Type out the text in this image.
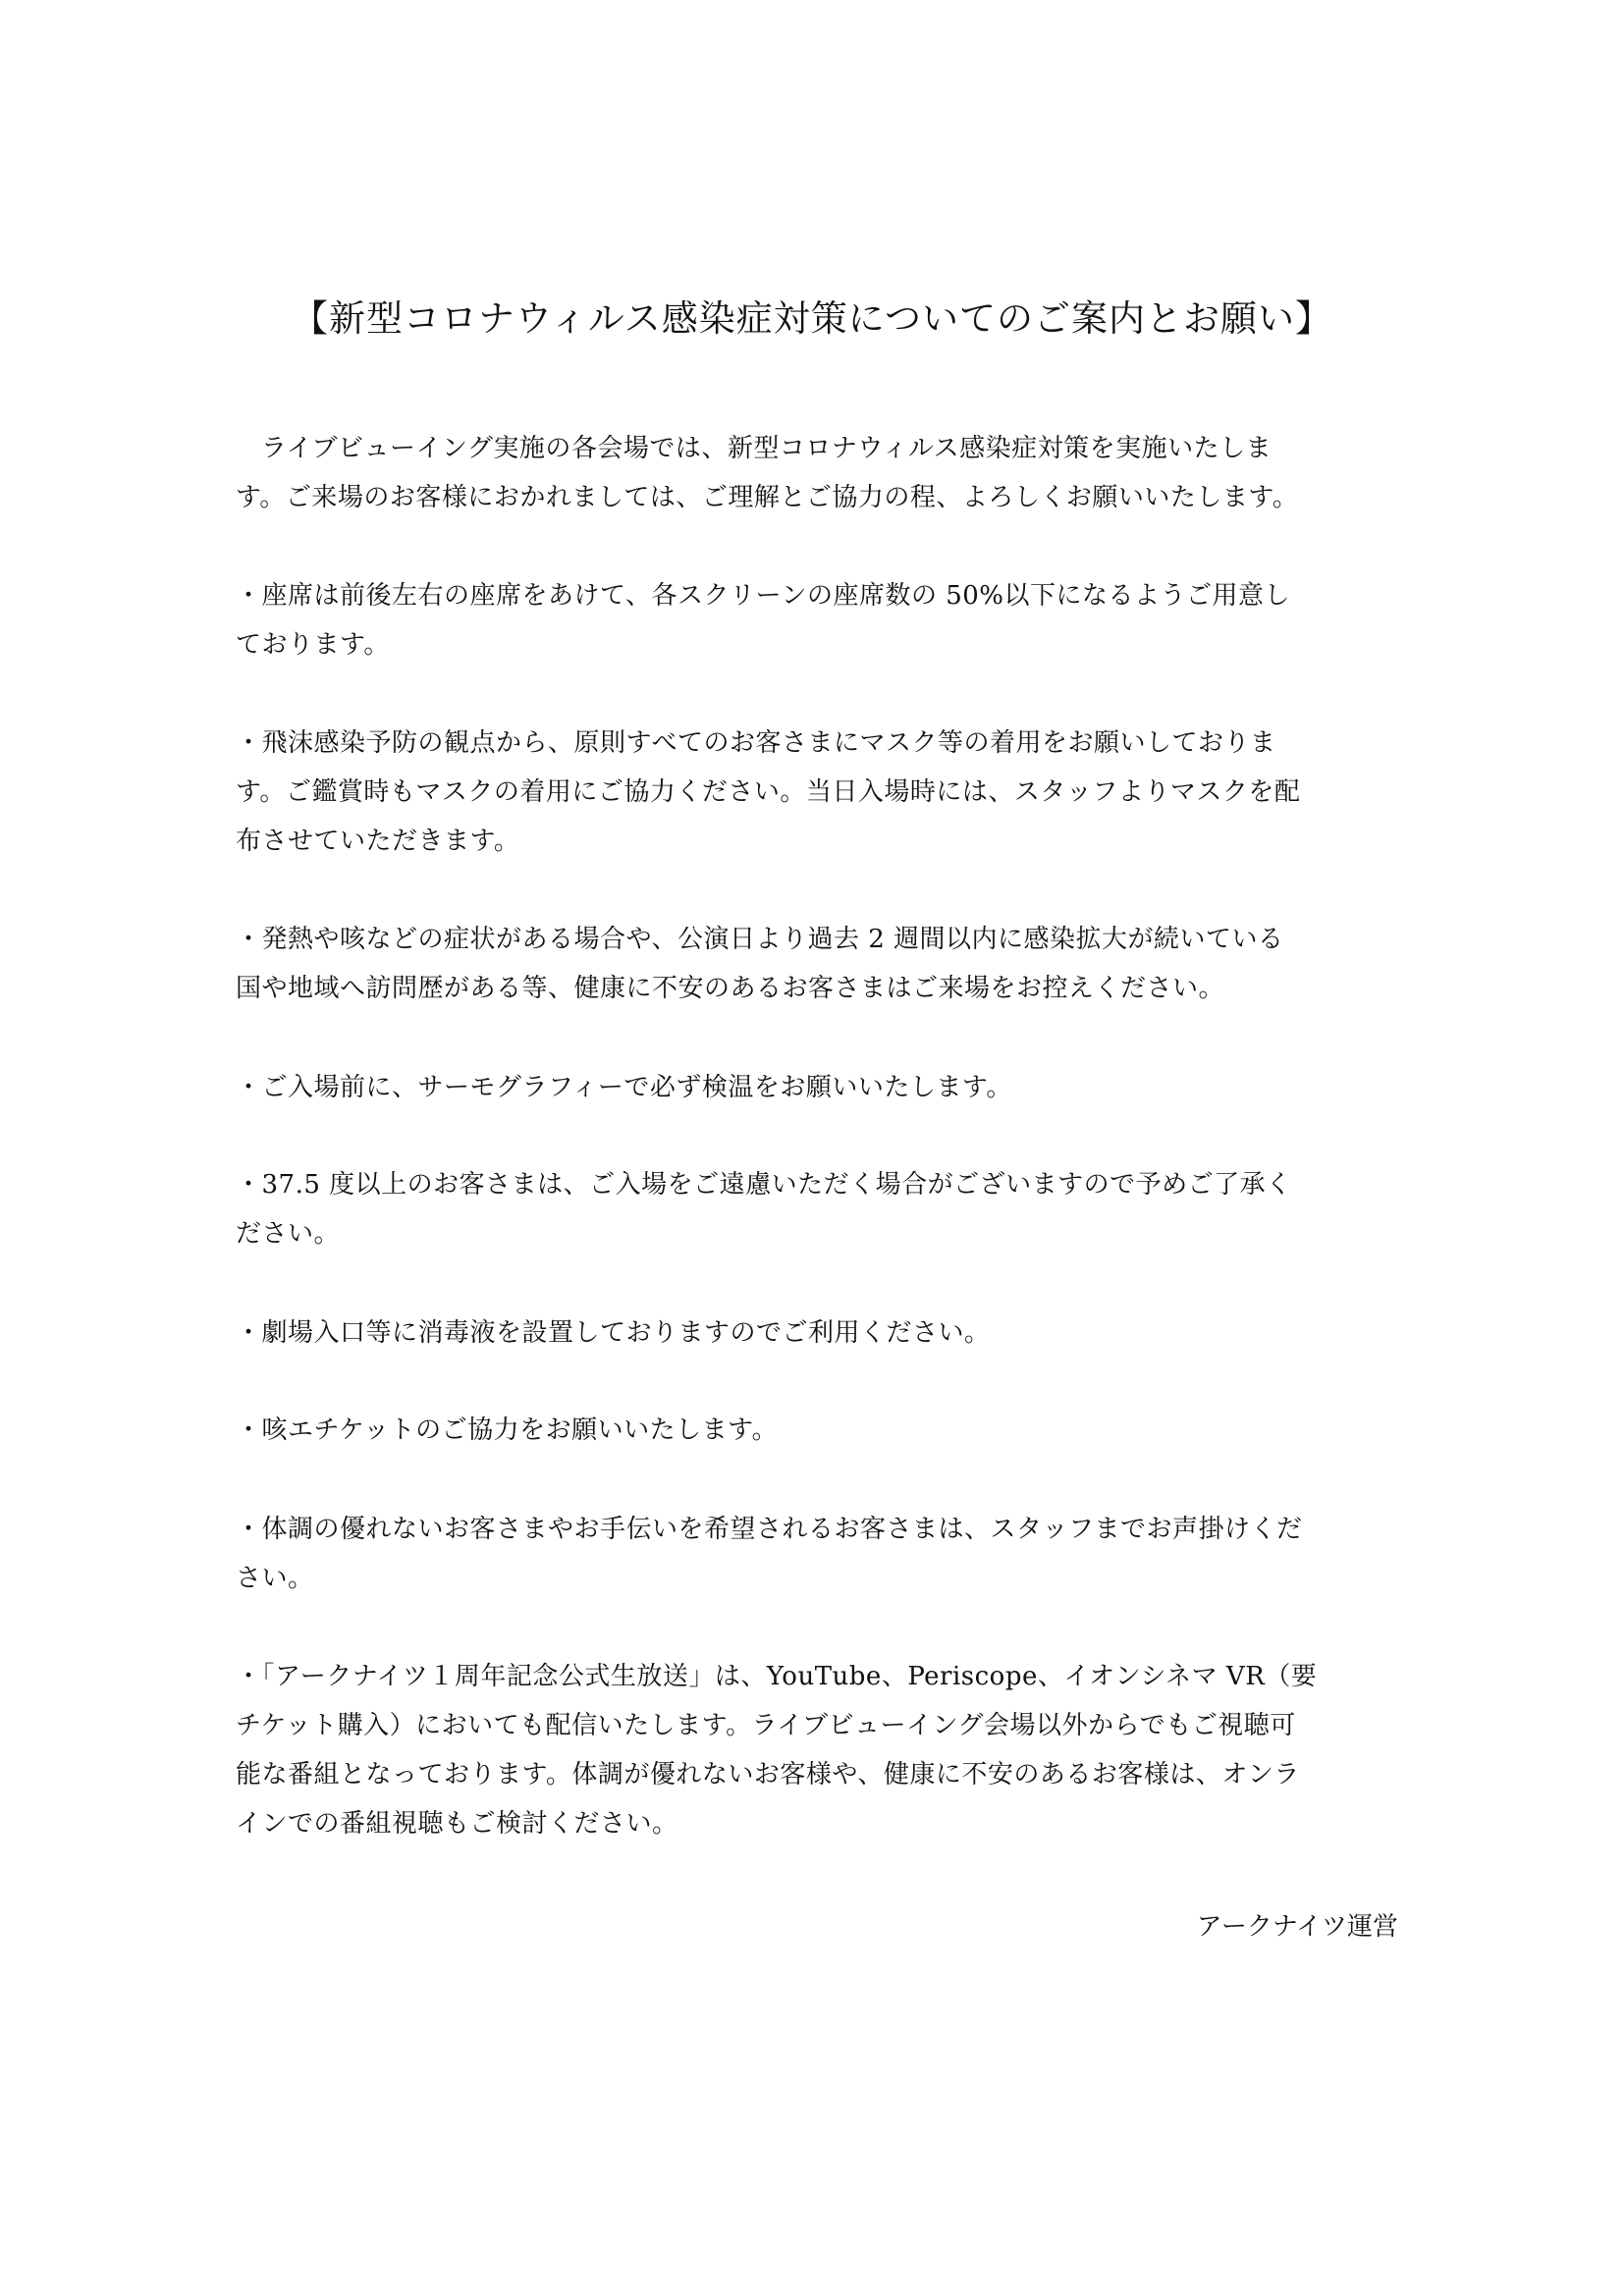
【新型コロナウィルス感染症対策についてのご案内とお願い】
ライブビューイング実施の各会場では、新型コロナウィルス感染症対策を実施いたしま
す。ご来場のお客様におかれましては、ご理解とご協力の程、よろしくお願いいたします。
・座席は前後左右の座席をあけて、各スクリーンの座席数の 50%以下になるようご用意し
ております。
・飛沫感染予防の観点から、原則すべてのお客さまにマスク等の着用をお願いしておりま
す。ご鑑賞時もマスクの着用にご協力ください。当日入場時には、スタッフよりマスクを配
布させていただきます。
・発熱や咳などの症状がある場合や、公演日より過去 2 週間以内に感染拡大が続いている
国や地域へ訪問歴がある等、健康に不安のあるお客さまはご来場をお控えください。
・ご入場前に、サーモグラフィーで必ず検温をお願いいたします。
・37.5 度以上のお客さまは、ご入場をご遠慮いただく場合がございますので予めご了承く
ださい。
・劇場入口等に消毒液を設置しておりますのでご利用ください。
・咳エチケットのご協力をお願いいたします。
・体調の優れないお客さまやお手伝いを希望されるお客さまは、スタッフまでお声掛けくだ
さい。
・「アークナイツ１周年記念公式生放送」は、YouTube、Periscope、イオンシネマ VR（要
チケット購入）においても配信いたします。ライブビューイング会場以外からでもご視聴可
能な番組となっております。体調が優れないお客様や、健康に不安のあるお客様は、オンラ
インでの番組視聴もご検討ください。
アークナイツ運営
